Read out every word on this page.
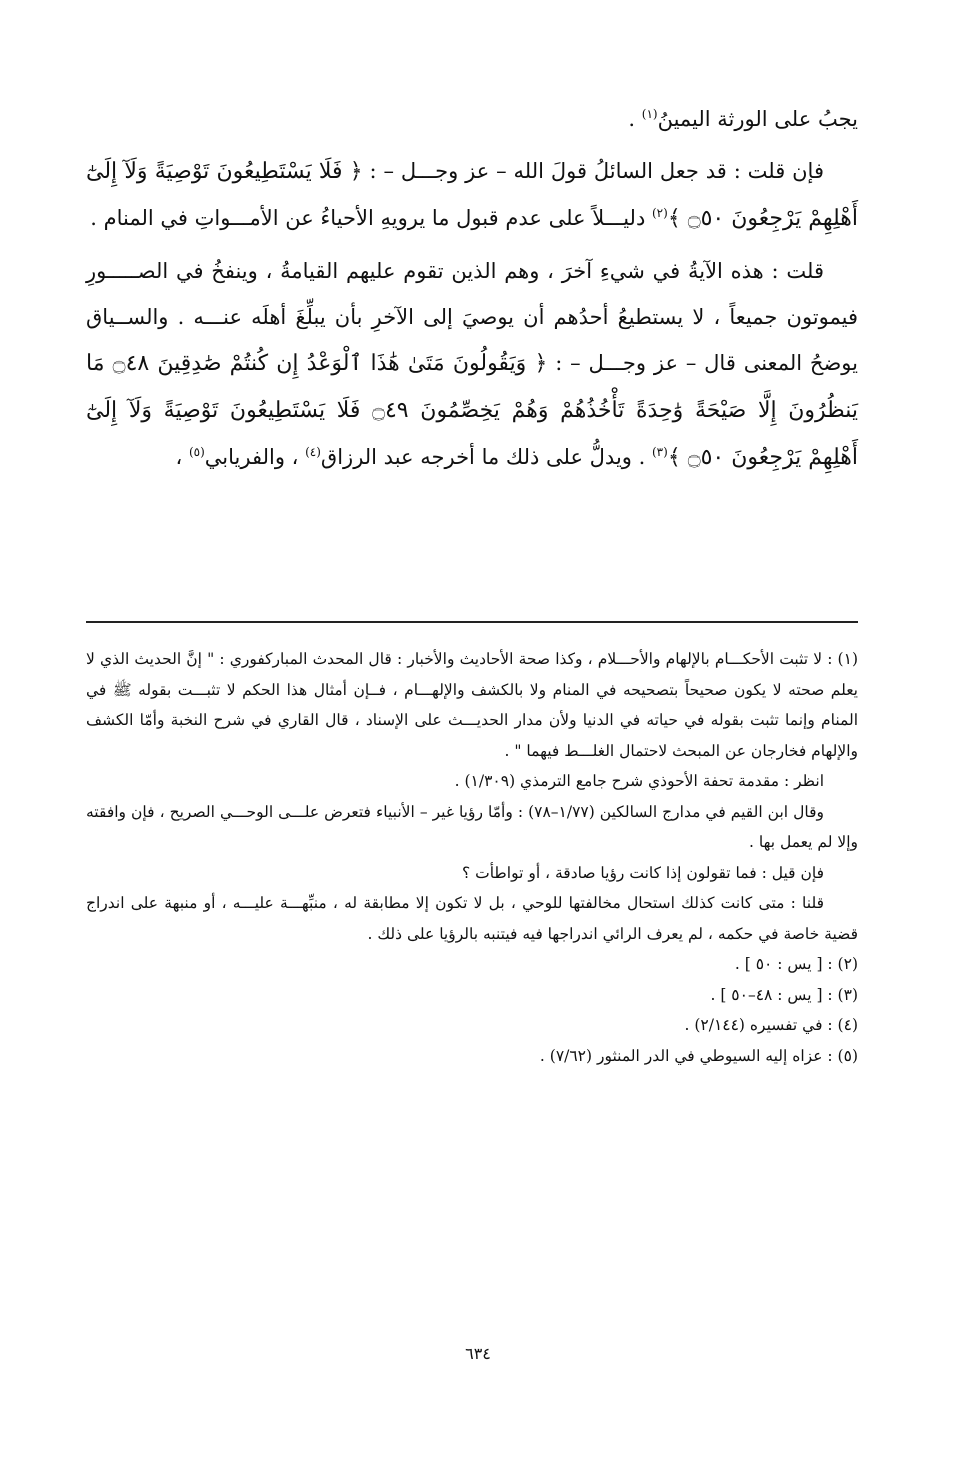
يجبُ على الورثة اليمينُ$^{(١)}$ .

فإن قلت : قد جعل السائلُ قولَ الله – عز وجـــل – : ﴿ فَلَا يَسْتَطِيعُونَ تَوْصِيَةً وَلَآ إِلَىٰٓ أَهْلِهِمْ يَرْجِعُونَ ۝٥٠ ﴾$^{(٢)}$ دليـــلاً على عدم قبول ما يرويهِ الأحياءُ عن الأمـــواتِ في المنام .

قلت : هذه الآيةُ في شيءِ آخرَ ، وهم الذين تقوم عليهم القيامةُ ، وينفخُ في الصـــــورِ فيموتون جميعاً ، لا يستطيعُ أحدُهم أن يوصيَ إلى الآخرِ بأن يبلِّغَ أهلَه عنـــه . والســياق يوضحُ المعنى قال – عز وجـــل – : ﴿ وَيَقُولُونَ مَتَىٰ هَٰذَا ٱلْوَعْدُ إِن كُنتُمْ صَٰدِقِينَ ۝٤٨ مَا يَنظُرُونَ إِلَّا صَيْحَةً وَٰحِدَةً تَأْخُذُهُمْ وَهُمْ يَخِصِّمُونَ ۝٤٩ فَلَا يَسْتَطِيعُونَ تَوْصِيَةً وَلَآ إِلَىٰٓ أَهْلِهِمْ يَرْجِعُونَ ۝٥٠ ﴾$^{(٣)}$ . ويدلُّ على ذلك ما أخرجه عبد الرزاق$^{(٤)}$ ، والفريابي$^{(٥)}$ ،

(١) : لا تثبت الأحكـــام بالإلهام والأحـــلام ، وكذا صحة الأحاديث والأخبار : قال المحدث المباركفوري : " إنَّ الحديث الذي لا يعلم صحته لا يكون صحيحاً بتصحيحه في المنام ولا بالكشف والإلهـــام ، فــإن أمثال هذا الحكم لا تثبـــت بقوله ﷺ في المنام وإنما تثبت بقوله في حياته في الدنيا ولأن مدار الحديـــث على الإسناد ، قال القاري في شرح النخبة وأمّا الكشف والإلهام فخارجان عن المبحث لاحتمال الغلـــط فيهما " .

انظر : مقدمة تحفة الأحوذي شرح جامع الترمذي (١/٣٠٩) .

وقال ابن القيم في مدارج السالكين (١/٧٧–٧٨) : وأمّا رؤيا غير – الأنبياء فتعرض علـــى الوحـــي الصريح ، فإن وافقته وإلا لم يعمل بها .

فإن قيل : فما تقولون إذا كانت رؤيا صادقة ، أو تواطأت ؟

قلنا : متى كانت كذلك استحال مخالفتها للوحي ، بل لا تكون إلا مطابقة له ، منبِّهـــة عليـــه ، أو منبهة على اندراج قضية خاصة في حكمه ، لم يعرف الرائي اندراجها فيه فيتنبه بالرؤيا على ذلك .

(٢) : [ يس : ٥٠ ] .

(٣) : [ يس : ٤٨–٥٠ ] .

(٤) : في تفسيره (٢/١٤٤) .

(٥) : عزاه إليه السيوطي في الدر المنثور (٧/٦٢) .

٦٣٤
